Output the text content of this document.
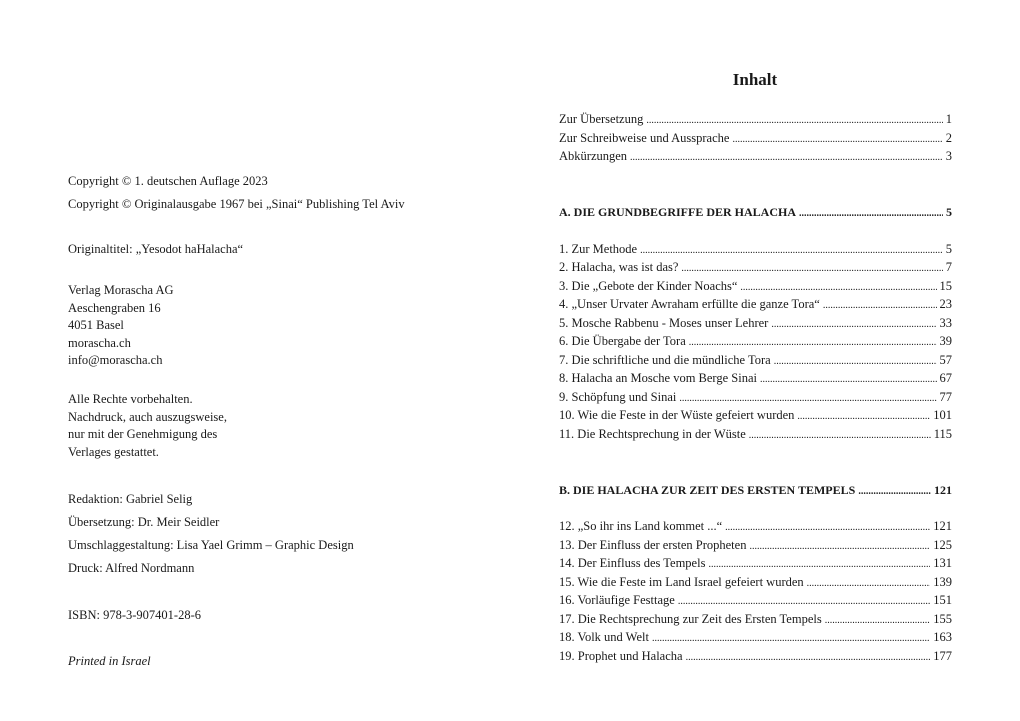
Copyright © 1. deutschen Auflage 2023
Copyright © Originalausgabe 1967 bei „Sinai“ Publishing Tel Aviv
Originaltitel: „Yesodot haHalacha“
Verlag Morascha AG
Aeschengraben 16
4051 Basel
morascha.ch
info@morascha.ch
Alle Rechte vorbehalten.
Nachdruck, auch auszugsweise,
nur mit der Genehmigung des
Verlages gestattet.
Redaktion: Gabriel Selig
Übersetzung: Dr. Meir Seidler
Umschlaggestaltung: Lisa Yael Grimm – Graphic Design
Druck: Alfred Nordmann
ISBN: 978-3-907401-28-6
Printed in Israel
Inhalt
Zur Übersetzung .....	1
Zur Schreibweise und Aussprache .....	2
Abkürzungen .....	3
A. DIE GRUNDBEGRIFFE DER HALACHA .....	5
1. Zur Methode .....	5
2. Halacha, was ist das? .....	7
3. Die „Gebote der Kinder Noachs“ .....	15
4. „Unser Urvater Awraham erfüllte die ganze Tora“ .....	23
5. Mosche Rabbenu - Moses unser Lehrer .....	33
6. Die Übergabe der Tora .....	39
7. Die schriftliche und die mündliche Tora .....	57
8. Halacha an Mosche vom Berge Sinai .....	67
9. Schöpfung und Sinai .....	77
10. Wie die Feste in der Wüste gefeiert wurden .....	101
11. Die Rechtsprechung in der Wüste .....	115
B. DIE HALACHA ZUR ZEIT DES ERSTEN TEMPELS .....	121
12. „So ihr ins Land kommet ...“ .....	121
13. Der Einfluss der ersten Propheten .....	125
14. Der Einfluss des Tempels .....	131
15. Wie die Feste im Land Israel gefeiert wurden .....	139
16. Vorläufige Festtage .....	151
17. Die Rechtsprechung zur Zeit des Ersten Tempels .....	155
18. Volk und Welt .....	163
19. Prophet und Halacha .....	177
